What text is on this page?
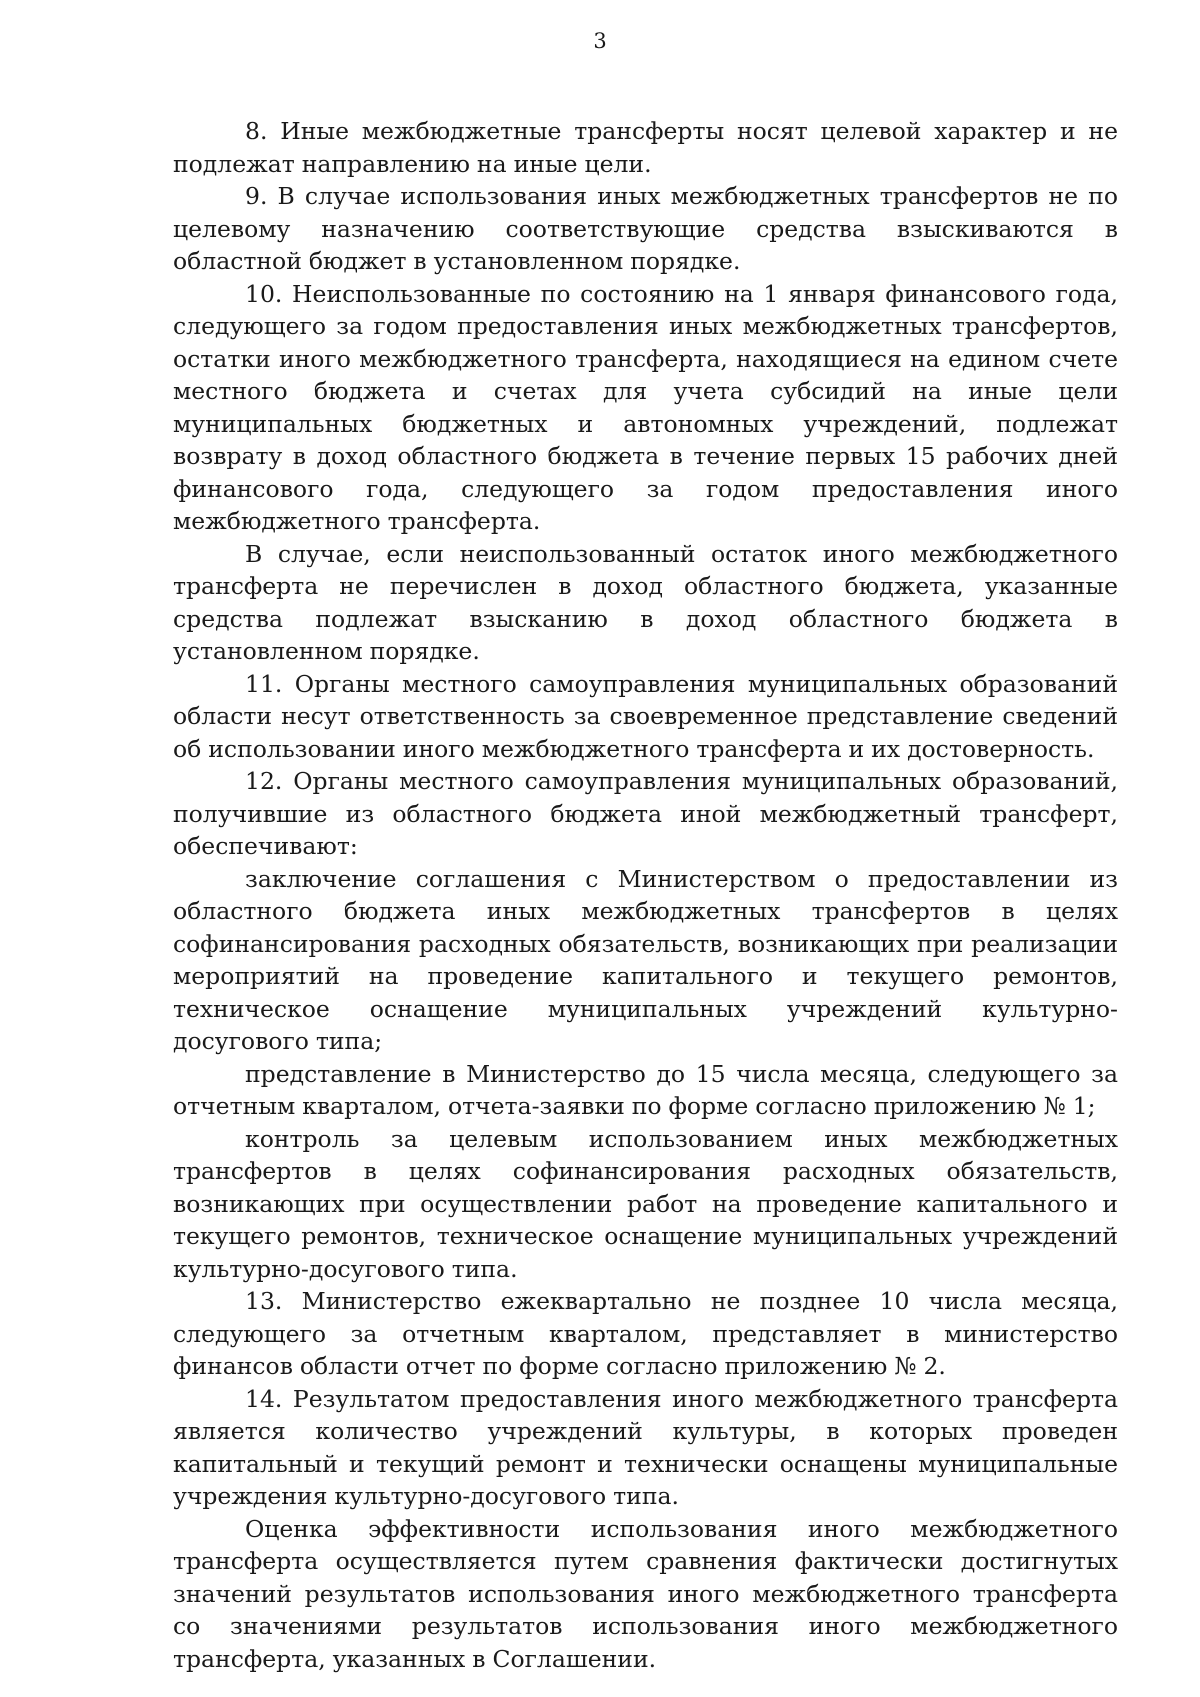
3

8. Иные межбюджетные трансферты носят целевой характер и не подлежат направлению на иные цели.

9. В случае использования иных межбюджетных трансфертов не по целевому назначению соответствующие средства взыскиваются в областной бюджет в установленном порядке.

10. Неиспользованные по состоянию на 1 января финансового года, следующего за годом предоставления иных межбюджетных трансфертов, остатки иного межбюджетного трансферта, находящиеся на едином счете местного бюджета и счетах для учета субсидий на иные цели муниципальных бюджетных и автономных учреждений, подлежат возврату в доход областного бюджета в течение первых 15 рабочих дней финансового года, следующего за годом предоставления иного межбюджетного трансферта.

В случае, если неиспользованный остаток иного межбюджетного трансферта не перечислен в доход областного бюджета, указанные средства подлежат взысканию в доход областного бюджета в установленном порядке.

11. Органы местного самоуправления муниципальных образований области несут ответственность за своевременное представление сведений об использовании иного межбюджетного трансферта и их достоверность.

12. Органы местного самоуправления муниципальных образований, получившие из областного бюджета иной межбюджетный трансферт, обеспечивают:

заключение соглашения с Министерством о предоставлении из областного бюджета иных межбюджетных трансфертов в целях софинансирования расходных обязательств, возникающих при реализации мероприятий на проведение капитального и текущего ремонтов, техническое оснащение муниципальных учреждений культурно-досугового типа;

представление в Министерство до 15 числа месяца, следующего за отчетным кварталом, отчета-заявки по форме согласно приложению № 1;

контроль за целевым использованием иных межбюджетных трансфертов в целях софинансирования расходных обязательств, возникающих при осуществлении работ на проведение капитального и текущего ремонтов, техническое оснащение муниципальных учреждений культурно-досугового типа.

13. Министерство ежеквартально не позднее 10 числа месяца, следующего за отчетным кварталом, представляет в министерство финансов области отчет по форме согласно приложению № 2.

14. Результатом предоставления иного межбюджетного трансферта является количество учреждений культуры, в которых проведен капитальный и текущий ремонт и технически оснащены муниципальные учреждения культурно-досугового типа.

Оценка эффективности использования иного межбюджетного трансферта осуществляется путем сравнения фактически достигнутых значений результатов использования иного межбюджетного трансферта со значениями результатов использования иного межбюджетного трансферта, указанных в Соглашении.
